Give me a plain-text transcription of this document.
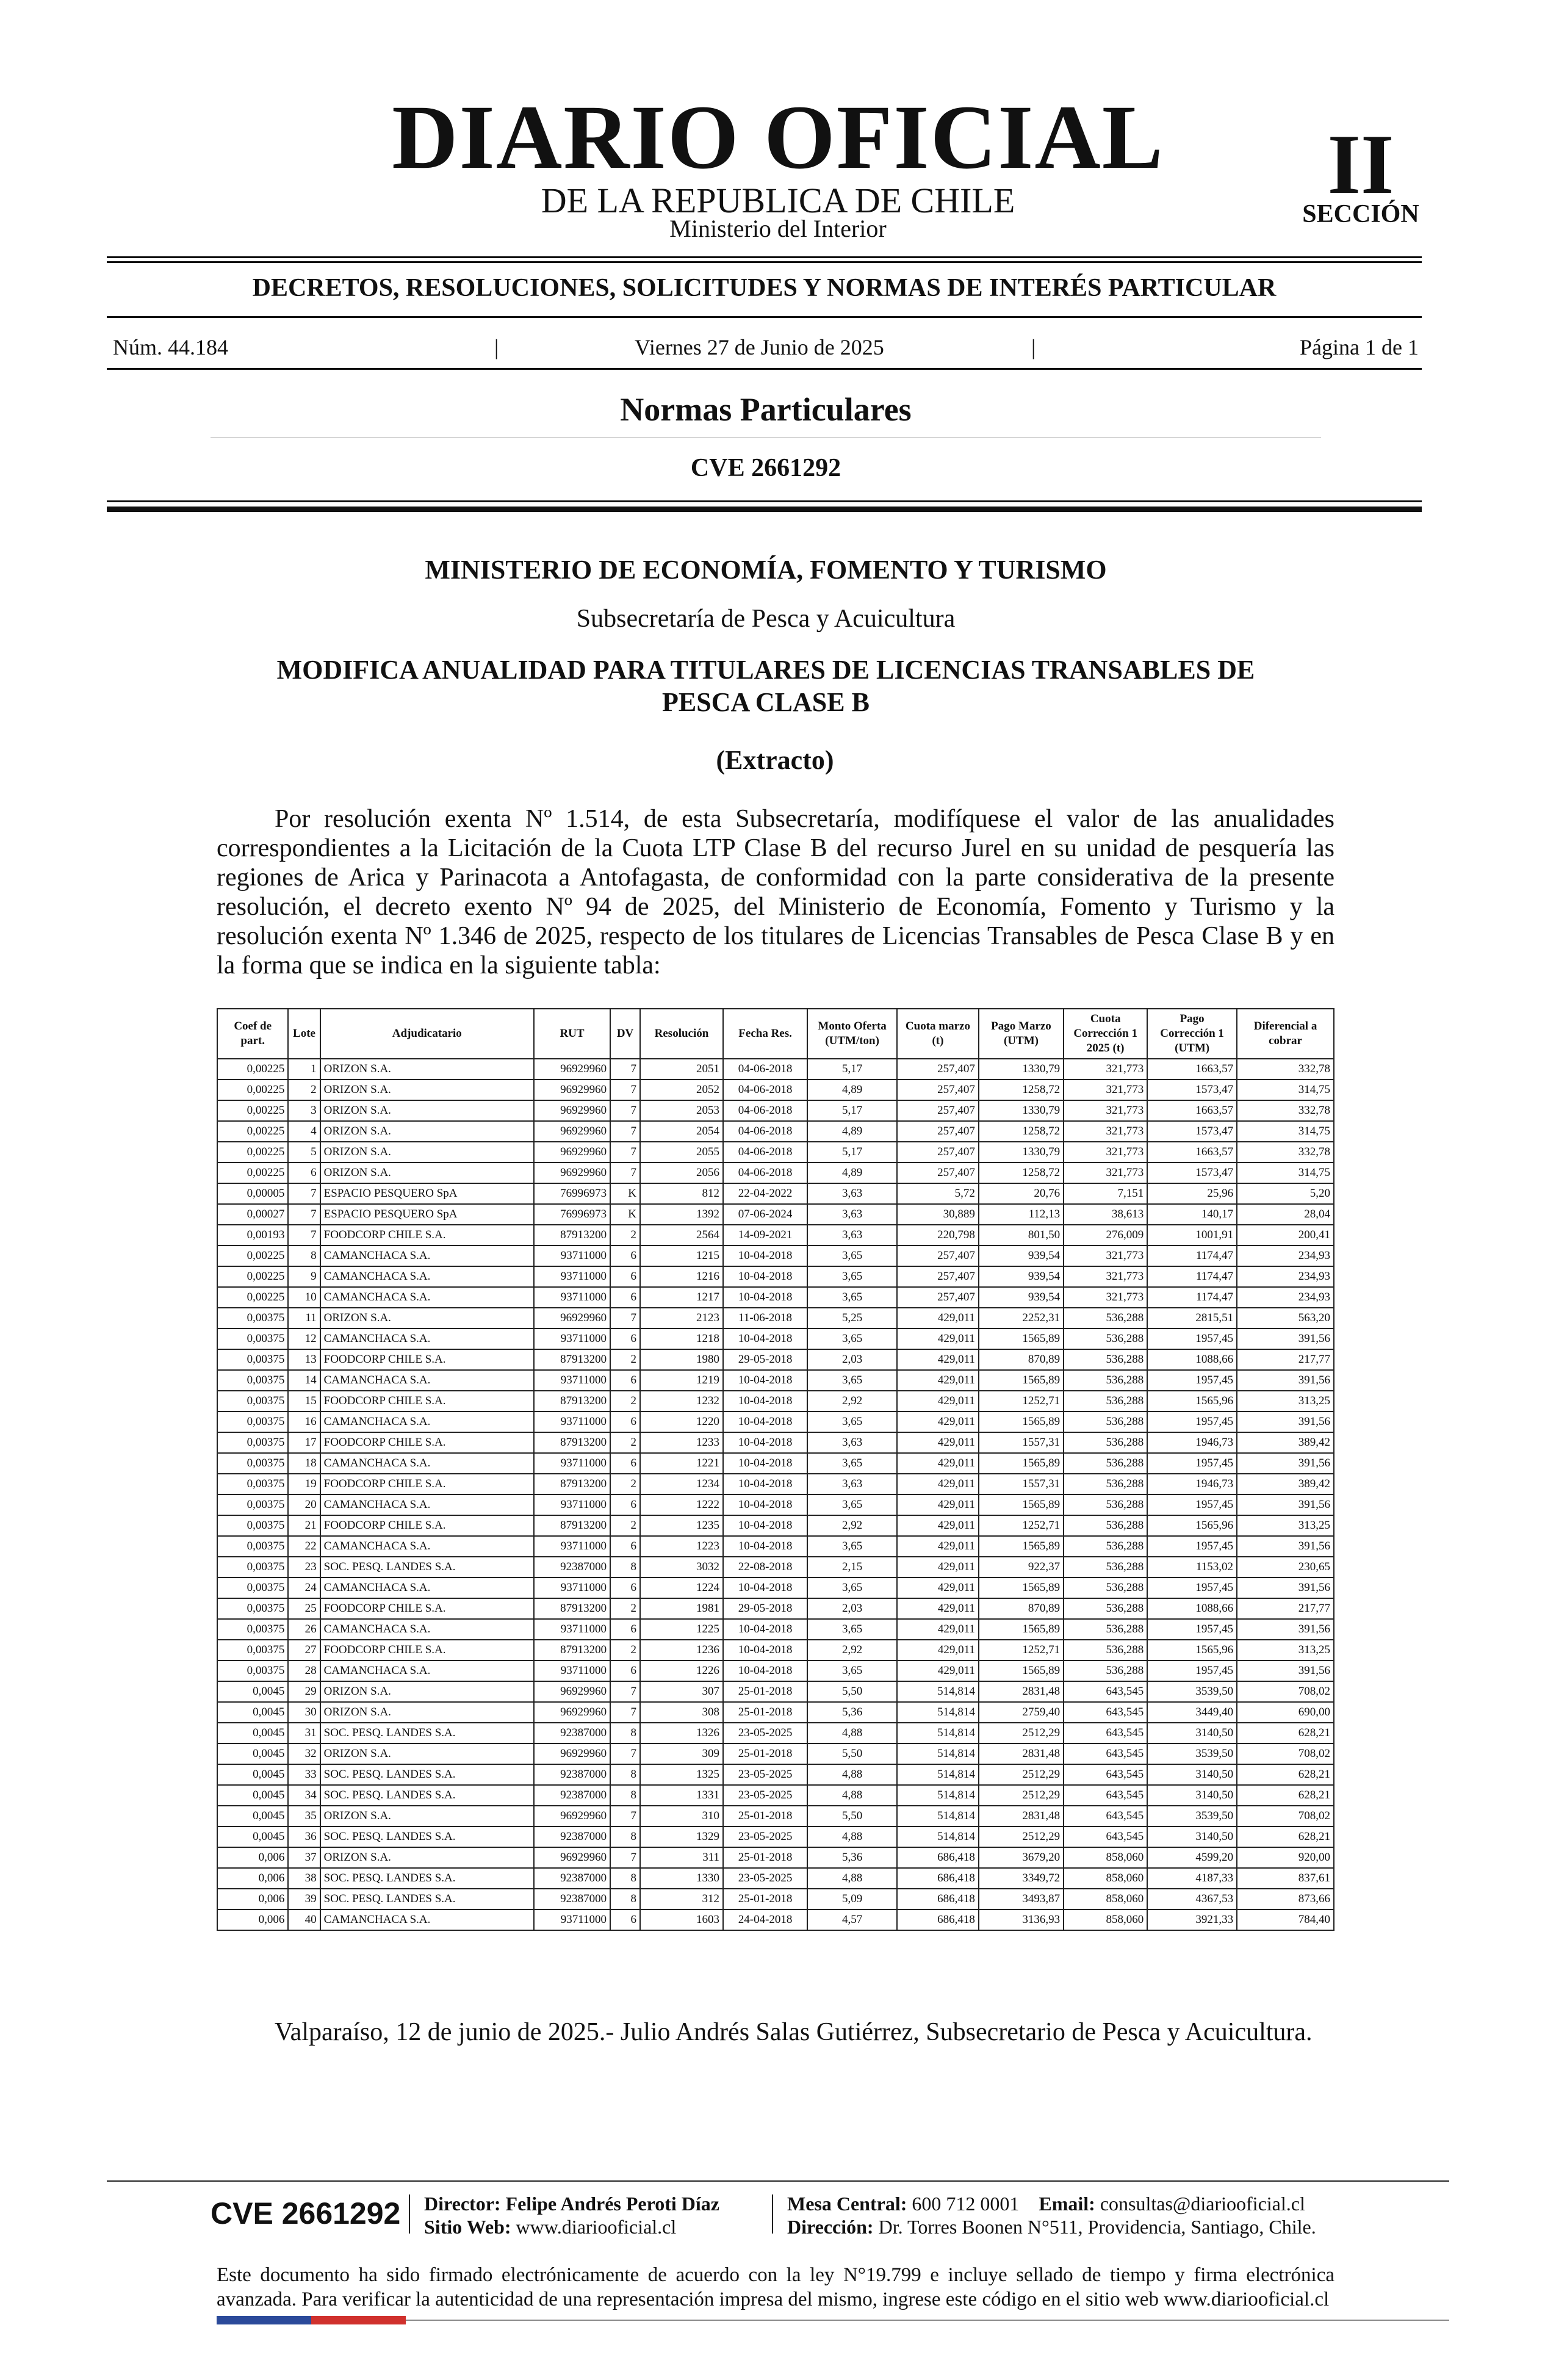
DIARIO OFICIAL
DE LA REPUBLICA DE CHILE
Ministerio del Interior
II
SECCIÓN
DECRETOS, RESOLUCIONES, SOLICITUDES Y NORMAS DE INTERÉS PARTICULAR
Núm. 44.184	|	Viernes 27 de Junio de 2025	|	Página 1 de 1
Normas Particulares
CVE 2661292
MINISTERIO DE ECONOMÍA, FOMENTO Y TURISMO
Subsecretaría de Pesca y Acuicultura
MODIFICA ANUALIDAD PARA TITULARES DE LICENCIAS TRANSABLES DE PESCA CLASE B
(Extracto)

Por resolución exenta Nº 1.514, de esta Subsecretaría, modifíquese el valor de las anualidades correspondientes a la Licitación de la Cuota LTP Clase B del recurso Jurel en su unidad de pesquería las regiones de Arica y Parinacota a Antofagasta, de conformidad con la parte considerativa de la presente resolución, el decreto exento Nº 94 de 2025, del Ministerio de Economía, Fomento y Turismo y la resolución exenta Nº 1.346 de 2025, respecto de los titulares de Licencias Transables de Pesca Clase B y en la forma que se indica en la siguiente tabla:

Coef de part.	Lote	Adjudicatario	RUT	DV	Resolución	Fecha Res.	Monto Oferta (UTM/ton)	Cuota marzo (t)	Pago Marzo (UTM)	Cuota Corrección 1 2025 (t)	Pago Corrección 1 (UTM)	Diferencial a cobrar
0,00225	1	ORIZON S.A.	96929960	7	2051	04-06-2018	5,17	257,407	1330,79	321,773	1663,57	332,78
0,00225	2	ORIZON S.A.	96929960	7	2052	04-06-2018	4,89	257,407	1258,72	321,773	1573,47	314,75
0,00225	3	ORIZON S.A.	96929960	7	2053	04-06-2018	5,17	257,407	1330,79	321,773	1663,57	332,78
0,00225	4	ORIZON S.A.	96929960	7	2054	04-06-2018	4,89	257,407	1258,72	321,773	1573,47	314,75
0,00225	5	ORIZON S.A.	96929960	7	2055	04-06-2018	5,17	257,407	1330,79	321,773	1663,57	332,78
0,00225	6	ORIZON S.A.	96929960	7	2056	04-06-2018	4,89	257,407	1258,72	321,773	1573,47	314,75
0,00005	7	ESPACIO PESQUERO SpA	76996973	K	812	22-04-2022	3,63	5,72	20,76	7,151	25,96	5,20
0,00027	7	ESPACIO PESQUERO SpA	76996973	K	1392	07-06-2024	3,63	30,889	112,13	38,613	140,17	28,04
0,00193	7	FOODCORP CHILE S.A.	87913200	2	2564	14-09-2021	3,63	220,798	801,50	276,009	1001,91	200,41
0,00225	8	CAMANCHACA S.A.	93711000	6	1215	10-04-2018	3,65	257,407	939,54	321,773	1174,47	234,93
0,00225	9	CAMANCHACA S.A.	93711000	6	1216	10-04-2018	3,65	257,407	939,54	321,773	1174,47	234,93
0,00225	10	CAMANCHACA S.A.	93711000	6	1217	10-04-2018	3,65	257,407	939,54	321,773	1174,47	234,93
0,00375	11	ORIZON S.A.	96929960	7	2123	11-06-2018	5,25	429,011	2252,31	536,288	2815,51	563,20
0,00375	12	CAMANCHACA S.A.	93711000	6	1218	10-04-2018	3,65	429,011	1565,89	536,288	1957,45	391,56
0,00375	13	FOODCORP CHILE S.A.	87913200	2	1980	29-05-2018	2,03	429,011	870,89	536,288	1088,66	217,77
0,00375	14	CAMANCHACA S.A.	93711000	6	1219	10-04-2018	3,65	429,011	1565,89	536,288	1957,45	391,56
0,00375	15	FOODCORP CHILE S.A.	87913200	2	1232	10-04-2018	2,92	429,011	1252,71	536,288	1565,96	313,25
0,00375	16	CAMANCHACA S.A.	93711000	6	1220	10-04-2018	3,65	429,011	1565,89	536,288	1957,45	391,56
0,00375	17	FOODCORP CHILE S.A.	87913200	2	1233	10-04-2018	3,63	429,011	1557,31	536,288	1946,73	389,42
0,00375	18	CAMANCHACA S.A.	93711000	6	1221	10-04-2018	3,65	429,011	1565,89	536,288	1957,45	391,56
0,00375	19	FOODCORP CHILE S.A.	87913200	2	1234	10-04-2018	3,63	429,011	1557,31	536,288	1946,73	389,42
0,00375	20	CAMANCHACA S.A.	93711000	6	1222	10-04-2018	3,65	429,011	1565,89	536,288	1957,45	391,56
0,00375	21	FOODCORP CHILE S.A.	87913200	2	1235	10-04-2018	2,92	429,011	1252,71	536,288	1565,96	313,25
0,00375	22	CAMANCHACA S.A.	93711000	6	1223	10-04-2018	3,65	429,011	1565,89	536,288	1957,45	391,56
0,00375	23	SOC. PESQ. LANDES S.A.	92387000	8	3032	22-08-2018	2,15	429,011	922,37	536,288	1153,02	230,65
0,00375	24	CAMANCHACA S.A.	93711000	6	1224	10-04-2018	3,65	429,011	1565,89	536,288	1957,45	391,56
0,00375	25	FOODCORP CHILE S.A.	87913200	2	1981	29-05-2018	2,03	429,011	870,89	536,288	1088,66	217,77
0,00375	26	CAMANCHACA S.A.	93711000	6	1225	10-04-2018	3,65	429,011	1565,89	536,288	1957,45	391,56
0,00375	27	FOODCORP CHILE S.A.	87913200	2	1236	10-04-2018	2,92	429,011	1252,71	536,288	1565,96	313,25
0,00375	28	CAMANCHACA S.A.	93711000	6	1226	10-04-2018	3,65	429,011	1565,89	536,288	1957,45	391,56
0,0045	29	ORIZON S.A.	96929960	7	307	25-01-2018	5,50	514,814	2831,48	643,545	3539,50	708,02
0,0045	30	ORIZON S.A.	96929960	7	308	25-01-2018	5,36	514,814	2759,40	643,545	3449,40	690,00
0,0045	31	SOC. PESQ. LANDES S.A.	92387000	8	1326	23-05-2025	4,88	514,814	2512,29	643,545	3140,50	628,21
0,0045	32	ORIZON S.A.	96929960	7	309	25-01-2018	5,50	514,814	2831,48	643,545	3539,50	708,02
0,0045	33	SOC. PESQ. LANDES S.A.	92387000	8	1325	23-05-2025	4,88	514,814	2512,29	643,545	3140,50	628,21
0,0045	34	SOC. PESQ. LANDES S.A.	92387000	8	1331	23-05-2025	4,88	514,814	2512,29	643,545	3140,50	628,21
0,0045	35	ORIZON S.A.	96929960	7	310	25-01-2018	5,50	514,814	2831,48	643,545	3539,50	708,02
0,0045	36	SOC. PESQ. LANDES S.A.	92387000	8	1329	23-05-2025	4,88	514,814	2512,29	643,545	3140,50	628,21
0,006	37	ORIZON S.A.	96929960	7	311	25-01-2018	5,36	686,418	3679,20	858,060	4599,20	920,00
0,006	38	SOC. PESQ. LANDES S.A.	92387000	8	1330	23-05-2025	4,88	686,418	3349,72	858,060	4187,33	837,61
0,006	39	SOC. PESQ. LANDES S.A.	92387000	8	312	25-01-2018	5,09	686,418	3493,87	858,060	4367,53	873,66
0,006	40	CAMANCHACA S.A.	93711000	6	1603	24-04-2018	4,57	686,418	3136,93	858,060	3921,33	784,40
Valparaíso, 12 de junio de 2025.- Julio Andrés Salas Gutiérrez, Subsecretario de Pesca y Acuicultura.
CVE 2661292 Director: Felipe Andrés Peroti Díaz
Sitio Web: www.diariooficial.cl
Mesa Central: 600 712 0001 Email: consultas@diariooficial.cl
Dirección: Dr. Torres Boonen N°511, Providencia, Santiago, Chile.
Este documento ha sido firmado electrónicamente de acuerdo con la ley N°19.799 e incluye sellado de tiempo y firma electrónica avanzada. Para verificar la autenticidad de una representación impresa del mismo, ingrese este código en el sitio web www.diariooficial.cl
